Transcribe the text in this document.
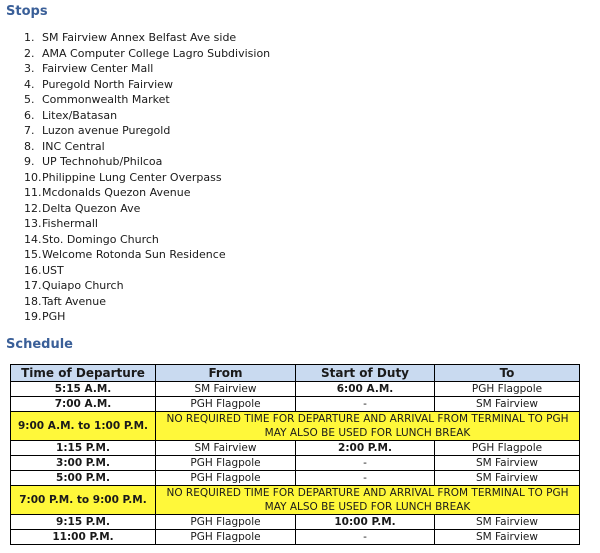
Stops
1. SM Fairview Annex Belfast Ave side
2. AMA Computer College Lagro Subdivision
3. Fairview Center Mall
4. Puregold North Fairview
5. Commonwealth Market
6. Litex/Batasan
7. Luzon avenue Puregold
8. INC Central
9. UP Technohub/Philcoa
10.Philippine Lung Center Overpass
11.Mcdonalds Quezon Avenue
12.Delta Quezon Ave
13.Fishermall
14.Sto. Domingo Church
15.Welcome Rotonda Sun Residence
16.UST
17.Quiapo Church
18.Taft Avenue
19.PGH
Schedule
Time of Departure	From	Start of Duty	To
5:15 A.M.	SM Fairview	6:00 A.M.	PGH Flagpole
7:00 A.M.	PGH Flagpole	-	SM Fairview
9:00 A.M. to 1:00 P.M.	NO REQUIRED TIME FOR DEPARTURE AND ARRIVAL FROM TERMINAL TO PGH
MAY ALSO BE USED FOR LUNCH BREAK		
1:15 P.M.	SM Fairview	2:00 P.M.	PGH Flagpole
3:00 P.M.	PGH Flagpole	-	SM Fairview
5:00 P.M.	PGH Flagpole	-	SM Fairview
7:00 P.M. to 9:00 P.M.	NO REQUIRED TIME FOR DEPARTURE AND ARRIVAL FROM TERMINAL TO PGH
MAY ALSO BE USED FOR LUNCH BREAK		
9:15 P.M.	PGH Flagpole	10:00 P.M.	SM Fairview
11:00 P.M.	PGH Flagpole	-	SM Fairview
